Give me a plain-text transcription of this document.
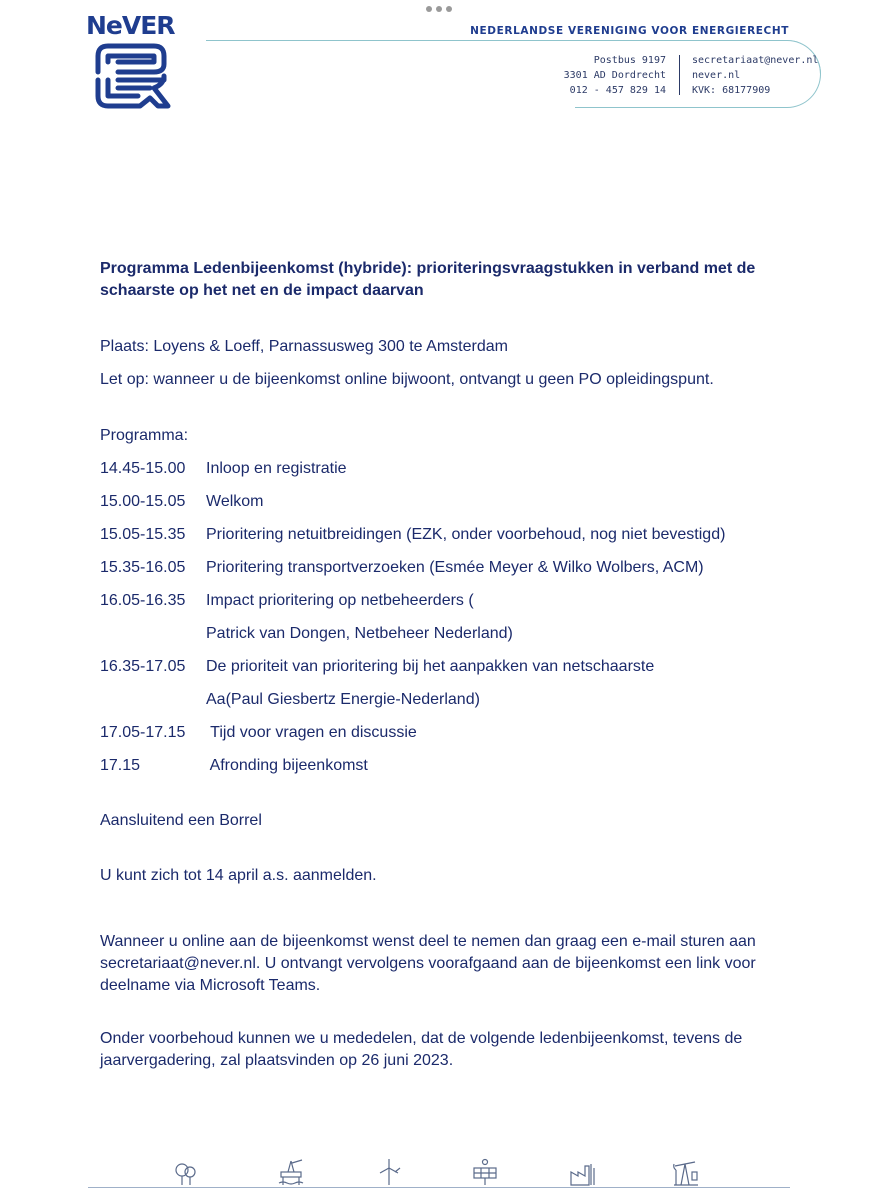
NeVER	NEDERLANDSE VERENIGING VOOR ENERGIERECHT
Postbus 9197
3301 AD Dordrecht
012 - 457 829 14
secretariaat@never.nl
never.nl
KVK: 68177909

Programma Ledenbijeenkomst (hybride): prioriteringsvraagstukken in verband met de schaarste op het net en de impact daarvan

Plaats: Loyens & Loeff, Parnassusweg 300 te Amsterdam

Let op: wanneer u de bijeenkomst online bijwoont, ontvangt u geen PO opleidingspunt.

Programma:

14.45-15.00	Inloop en registratie
15.00-15.05	Welkom
15.05-15.35	Prioritering netuitbreidingen (EZK, onder voorbehoud, nog niet bevestigd)
15.35-16.05	Prioritering transportverzoeken (Esmée Meyer & Wilko Wolbers, ACM)
16.05-16.35	Impact prioritering op netbeheerders (
Patrick van Dongen, Netbeheer Nederland)
16.35-17.05	De prioriteit van prioritering bij het aanpakken van netschaarste
Aa(Paul Giesbertz Energie-Nederland)
17.05-17.15	Tijd voor vragen en discussie
17.15	Afronding bijeenkomst

Aansluitend een Borrel

U kunt zich tot 14 april a.s. aanmelden.

Wanneer u online aan de bijeenkomst wenst deel te nemen dan graag een e-mail sturen aan secretariaat@never.nl. U ontvangt vervolgens voorafgaand aan de bijeenkomst een link voor deelname via Microsoft Teams.

Onder voorbehoud kunnen we u mededelen, dat de volgende ledenbijeenkomst, tevens de jaarvergadering, zal plaatsvinden op 26 juni 2023.
